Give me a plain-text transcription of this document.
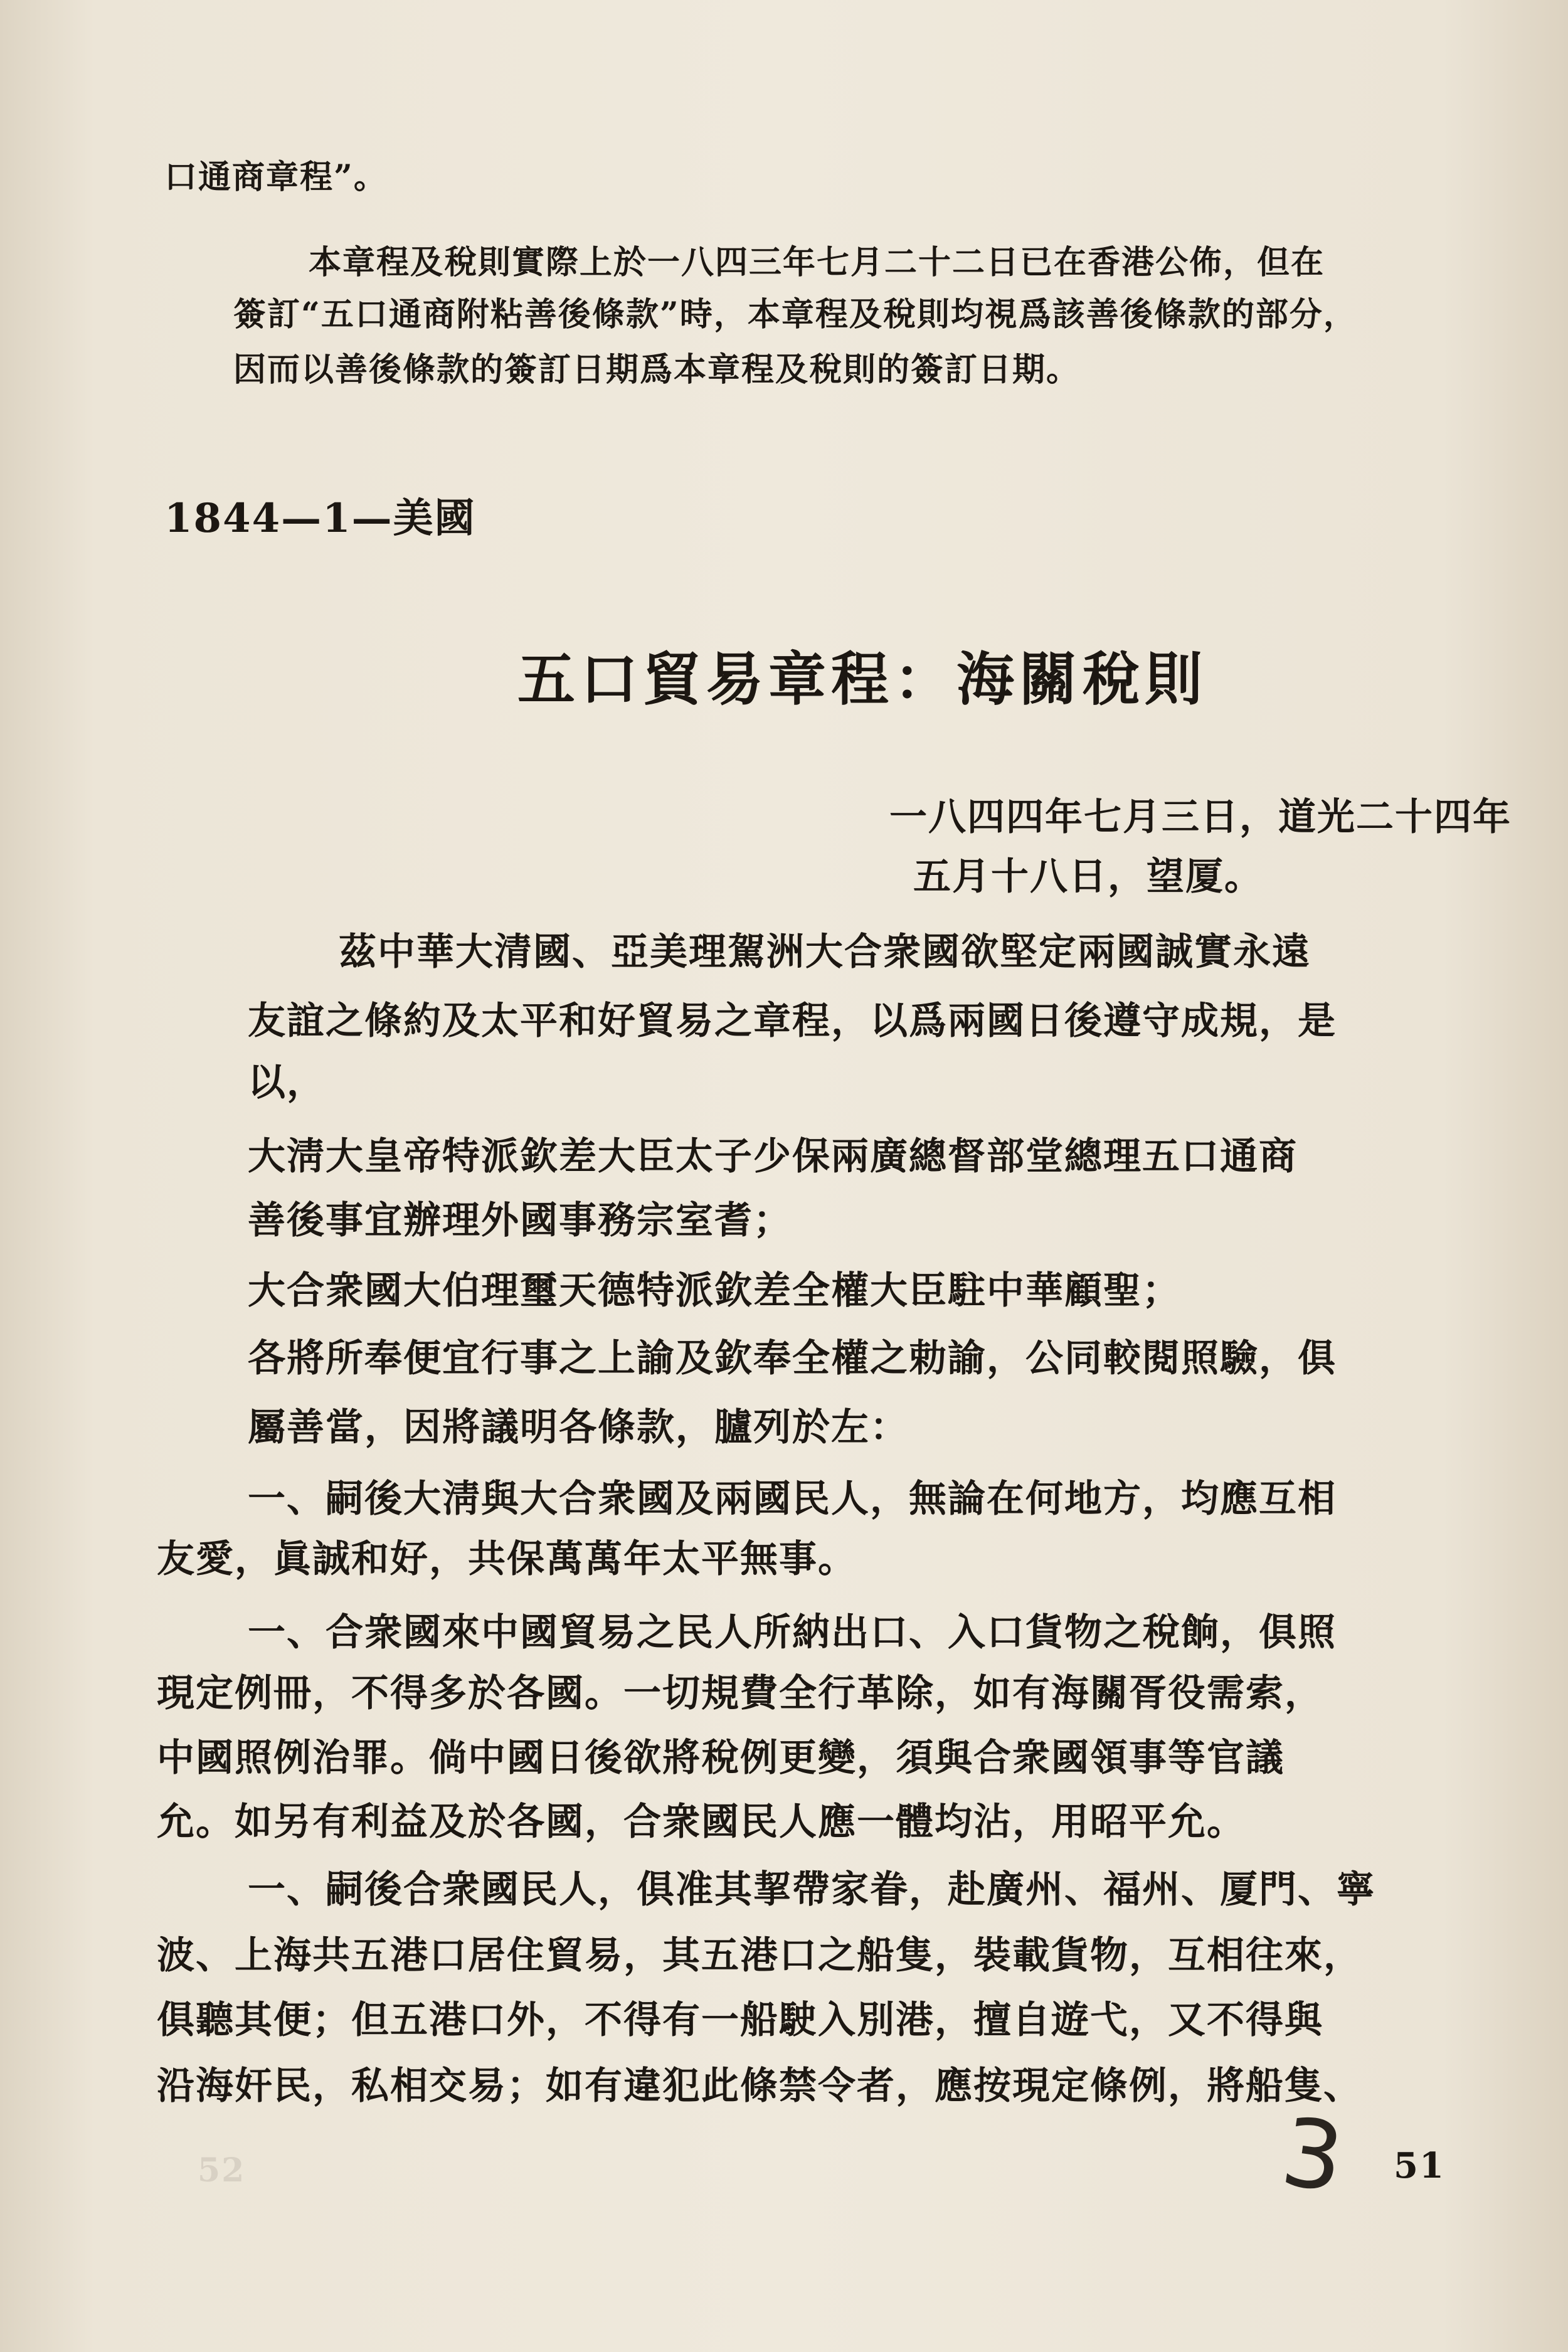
口通商章程”。
本章程及稅則實際上於一八四三年七月二十二日已在香港公佈，但在
簽訂“五口通商附粘善後條款”時，本章程及稅則均視爲該善後條款的部分，
因而以善後條款的簽訂日期爲本章程及稅則的簽訂日期。
1844—1—美國
五口貿易章程：海關稅則
一八四四年七月三日，道光二十四年
五月十八日，望厦。
茲中華大清國、亞美理駕洲大合衆國欲堅定兩國誠實永遠
友誼之條約及太平和好貿易之章程，以爲兩國日後遵守成規，是
以，
大淸大皇帝特派欽差大臣太子少保兩廣總督部堂總理五口通商
善後事宜辦理外國事務宗室耆；
大合衆國大伯理璽天德特派欽差全權大臣駐中華顧聖；
各將所奉便宜行事之上諭及欽奉全權之勅諭，公同較閱照驗，俱
屬善當，因將議明各條款，臚列於左：
一、嗣後大淸與大合衆國及兩國民人，無論在何地方，均應互相
友愛，眞誠和好，共保萬萬年太平無事。
一、合衆國來中國貿易之民人所納出口、入口貨物之稅餉，俱照
現定例冊，不得多於各國。一切規費全行革除，如有海關胥役需索，
中國照例治罪。倘中國日後欲將稅例更變，須與合衆國領事等官議
允。如另有利益及於各國，合衆國民人應一體均沾，用昭平允。
一、嗣後合衆國民人，俱准其挈帶家眷，赴廣州、福州、厦門、寧
波、上海共五港口居住貿易，其五港口之船隻，裝載貨物，互相往來，
俱聽其便；但五港口外，不得有一船駛入別港，擅自遊弋，又不得與
沿海奸民，私相交易；如有違犯此條禁令者，應按現定條例，將船隻、
52	3 51
